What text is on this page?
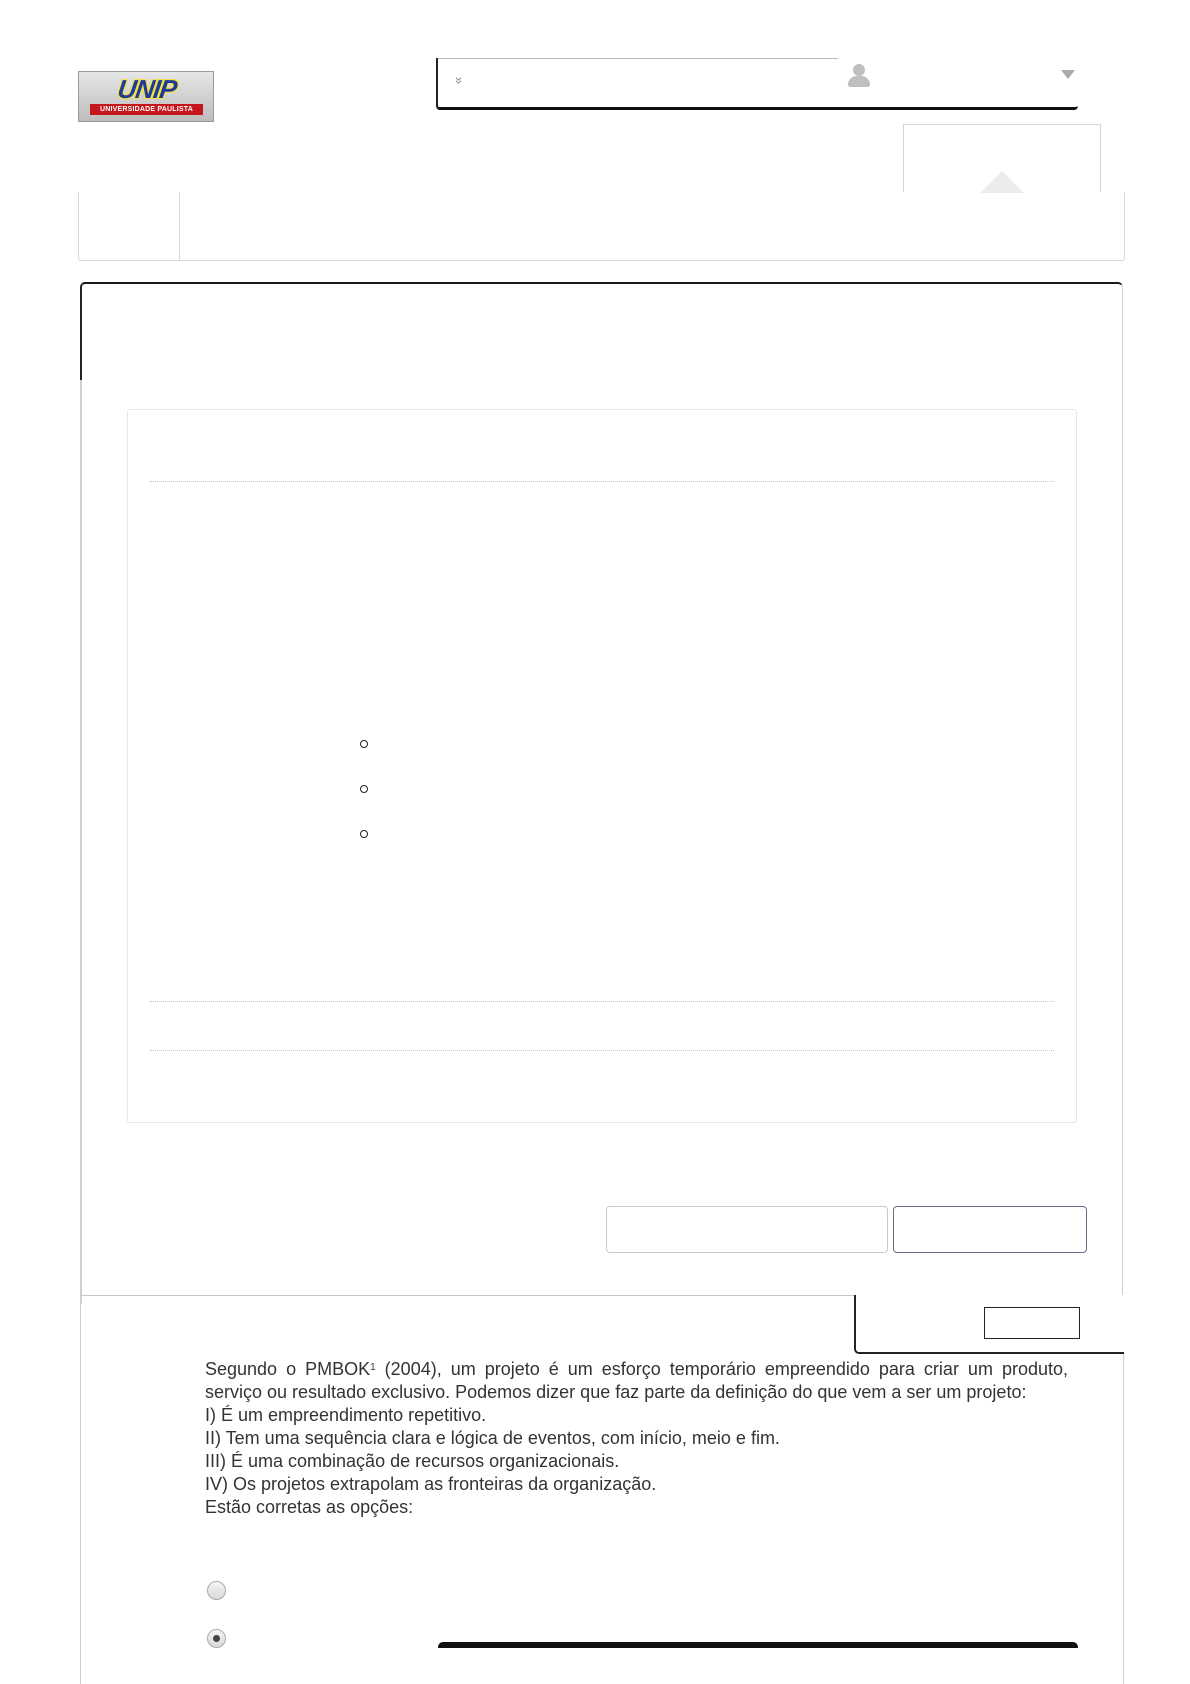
UNIP
UNIVERSIDADE PAULISTA
»

Segundo o PMBOK$^1$ (2004), um projeto é um esforço temporário empreendido para criar um produto, serviço ou resultado exclusivo. Podemos dizer que faz parte da definição do que vem a ser um projeto:

I) É um empreendimento repetitivo.

II) Tem uma sequência clara e lógica de eventos, com início, meio e fim.

III) É uma combinação de recursos organizacionais.

IV) Os projetos extrapolam as fronteiras da organização.

Estão corretas as opções:
